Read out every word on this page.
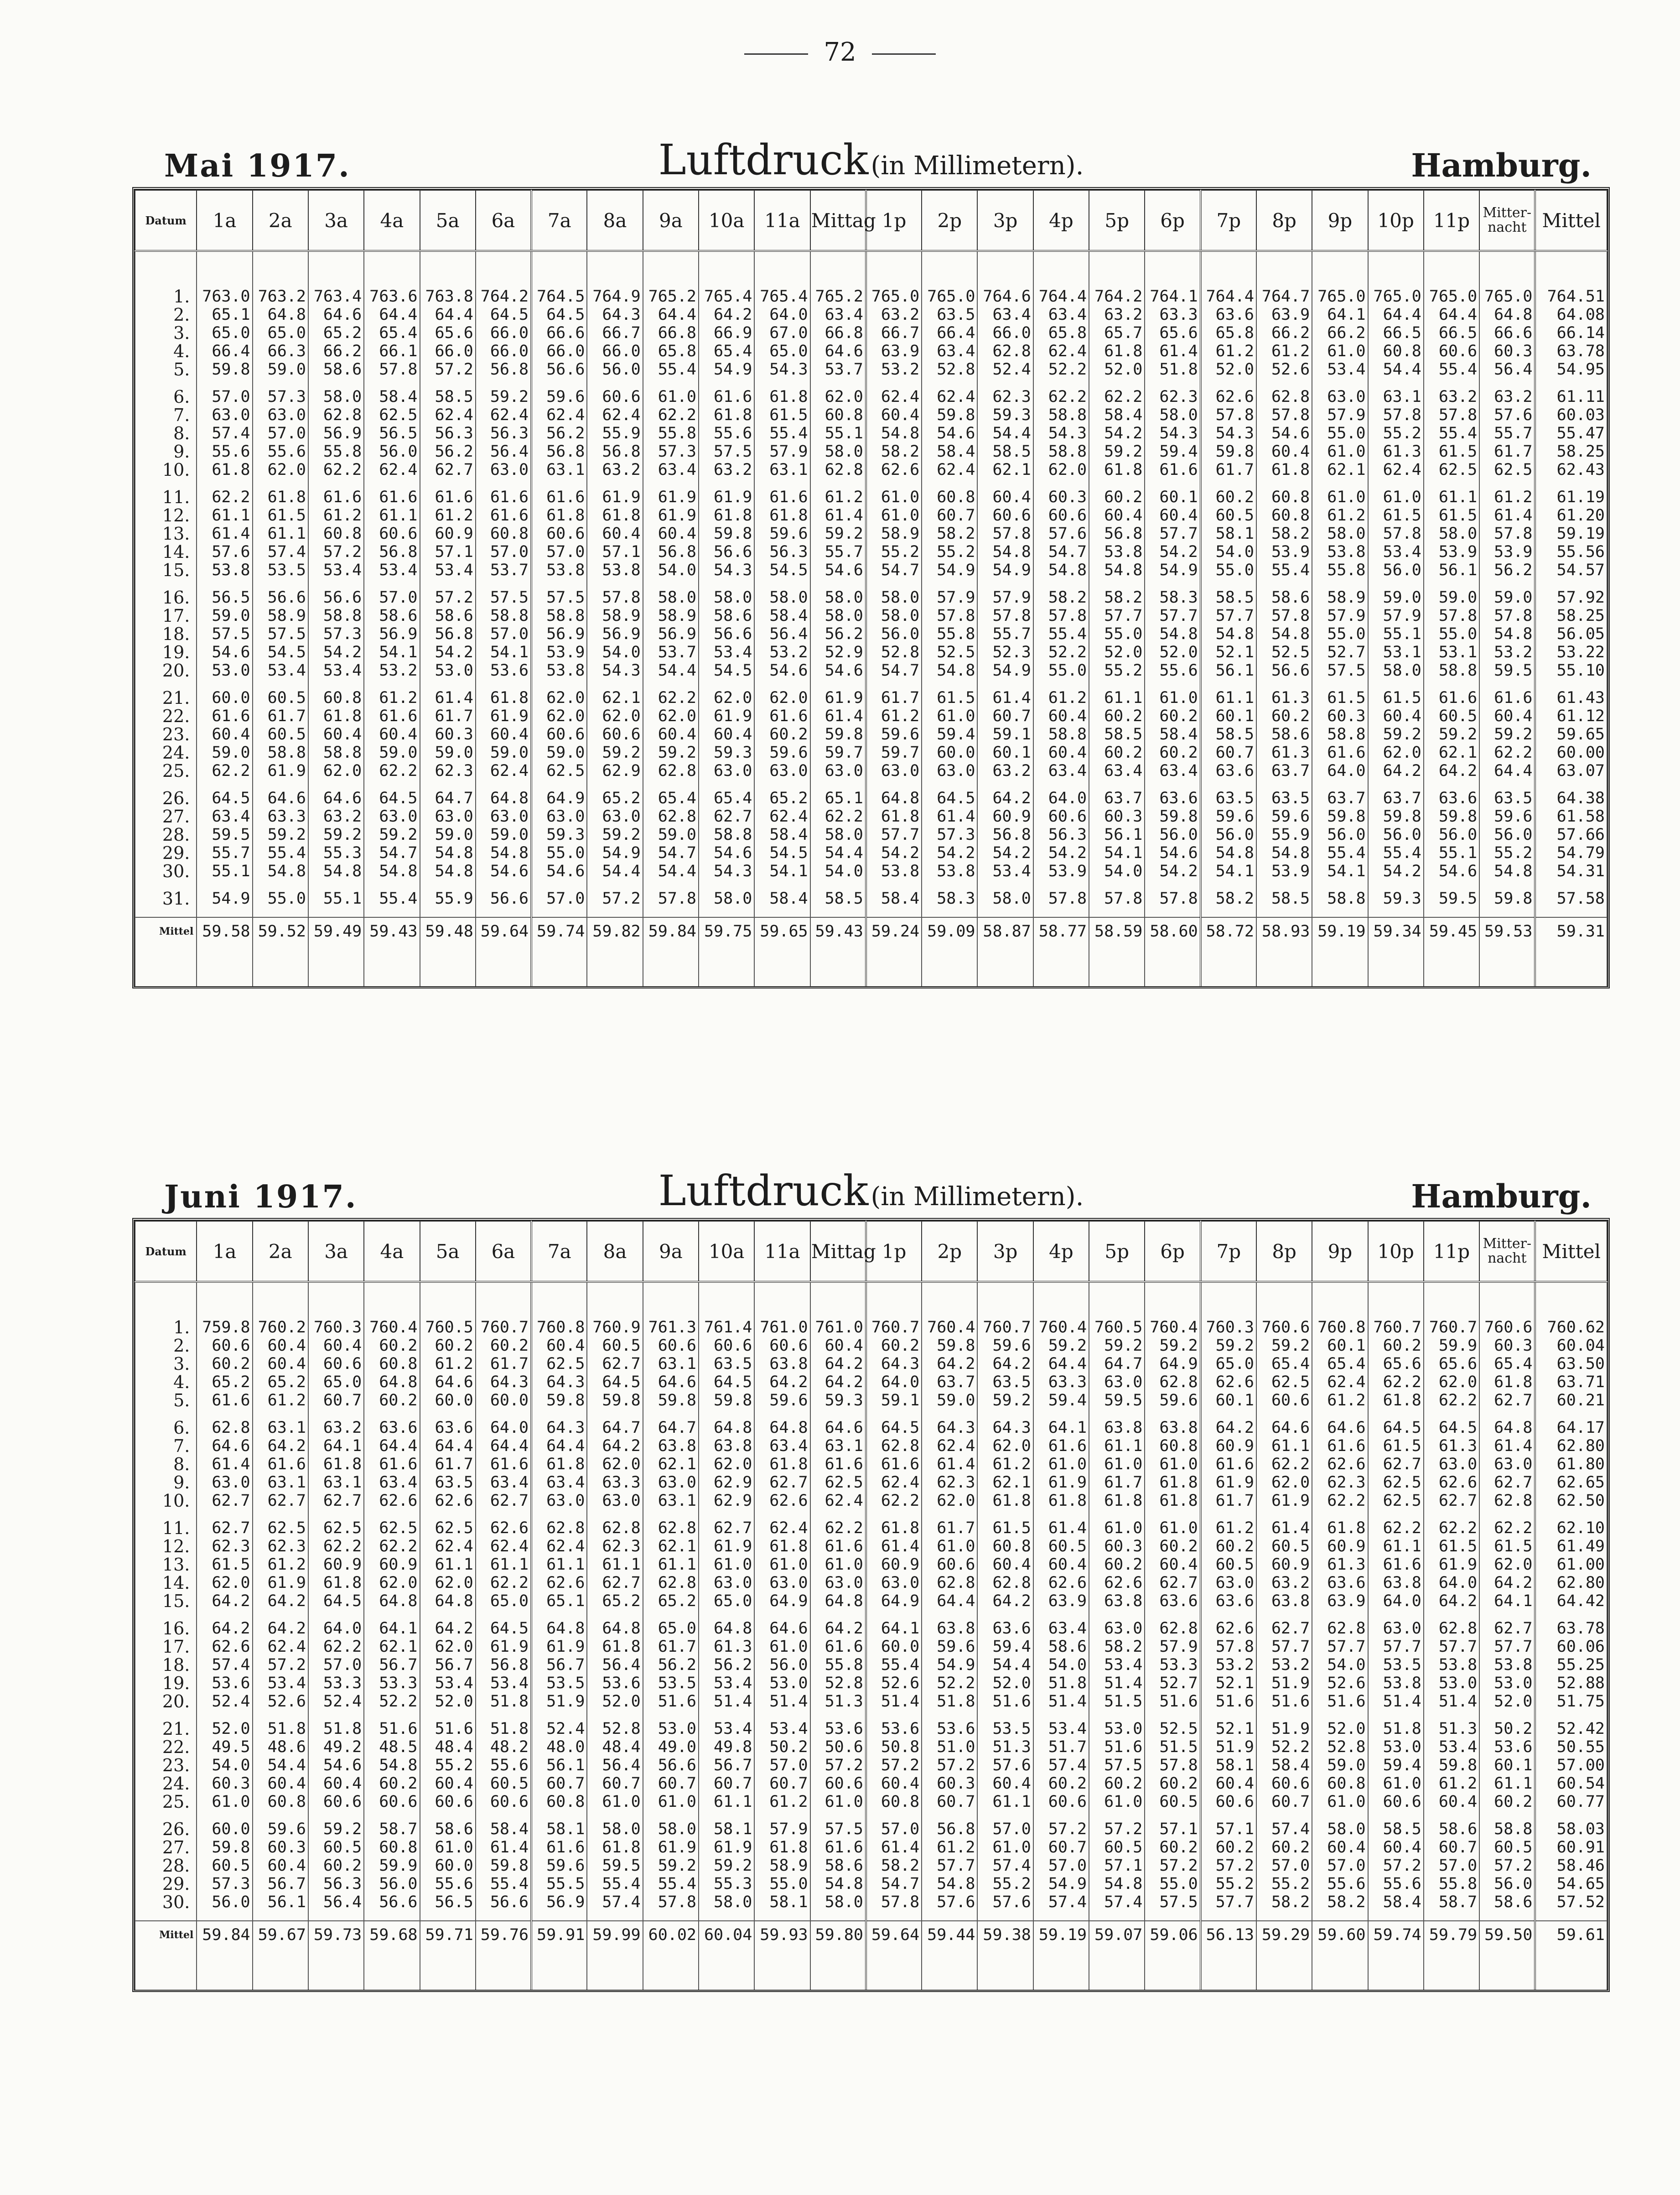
72
Mai 1917.	Luftdruck (in Millimetern).	Hamburg.
Datum	1a	2a	3a	4a	5a	6a	7a	8a	9a	10a	11a	Mittag	1p	2p	3p	4p	5p	6p	7p	8p	9p	10p	11p	Mitter-nacht	Mittel

1.	763.0	763.2	763.4	763.6	763.8	764.2	764.5	764.9	765.2	765.4	765.4	765.2	765.0	765.0	764.6	764.4	764.2	764.1	764.4	764.7	765.0	765.0	765.0	765.0	764.51
2.	65.1	64.8	64.6	64.4	64.4	64.5	64.5	64.3	64.4	64.2	64.0	63.4	63.2	63.5	63.4	63.4	63.2	63.3	63.6	63.9	64.1	64.4	64.4	64.8	64.08
3.	65.0	65.0	65.2	65.4	65.6	66.0	66.6	66.7	66.8	66.9	67.0	66.8	66.7	66.4	66.0	65.8	65.7	65.6	65.8	66.2	66.2	66.5	66.5	66.6	66.14
4.	66.4	66.3	66.2	66.1	66.0	66.0	66.0	66.0	65.8	65.4	65.0	64.6	63.9	63.4	62.8	62.4	61.8	61.4	61.2	61.2	61.0	60.8	60.6	60.3	63.78
5.	59.8	59.0	58.6	57.8	57.2	56.8	56.6	56.0	55.4	54.9	54.3	53.7	53.2	52.8	52.4	52.2	52.0	51.8	52.0	52.6	53.4	54.4	55.4	56.4	54.95

6.	57.0	57.3	58.0	58.4	58.5	59.2	59.6	60.6	61.0	61.6	61.8	62.0	62.4	62.4	62.3	62.2	62.2	62.3	62.6	62.8	63.0	63.1	63.2	63.2	61.11
7.	63.0	63.0	62.8	62.5	62.4	62.4	62.4	62.4	62.2	61.8	61.5	60.8	60.4	59.8	59.3	58.8	58.4	58.0	57.8	57.8	57.9	57.8	57.8	57.6	60.03
8.	57.4	57.0	56.9	56.5	56.3	56.3	56.2	55.9	55.8	55.6	55.4	55.1	54.8	54.6	54.4	54.3	54.2	54.3	54.3	54.6	55.0	55.2	55.4	55.7	55.47
9.	55.6	55.6	55.8	56.0	56.2	56.4	56.8	56.8	57.3	57.5	57.9	58.0	58.2	58.4	58.5	58.8	59.2	59.4	59.8	60.4	61.0	61.3	61.5	61.7	58.25
10.	61.8	62.0	62.2	62.4	62.7	63.0	63.1	63.2	63.4	63.2	63.1	62.8	62.6	62.4	62.1	62.0	61.8	61.6	61.7	61.8	62.1	62.4	62.5	62.5	62.43

11.	62.2	61.8	61.6	61.6	61.6	61.6	61.6	61.9	61.9	61.9	61.6	61.2	61.0	60.8	60.4	60.3	60.2	60.1	60.2	60.8	61.0	61.0	61.1	61.2	61.19
12.	61.1	61.5	61.2	61.1	61.2	61.6	61.8	61.8	61.9	61.8	61.8	61.4	61.0	60.7	60.6	60.6	60.4	60.4	60.5	60.8	61.2	61.5	61.5	61.4	61.20
13.	61.4	61.1	60.8	60.6	60.9	60.8	60.6	60.4	60.4	59.8	59.6	59.2	58.9	58.2	57.8	57.6	56.8	57.7	58.1	58.2	58.0	57.8	58.0	57.8	59.19
14.	57.6	57.4	57.2	56.8	57.1	57.0	57.0	57.1	56.8	56.6	56.3	55.7	55.2	55.2	54.8	54.7	53.8	54.2	54.0	53.9	53.8	53.4	53.9	53.9	55.56
15.	53.8	53.5	53.4	53.4	53.4	53.7	53.8	53.8	54.0	54.3	54.5	54.6	54.7	54.9	54.9	54.8	54.8	54.9	55.0	55.4	55.8	56.0	56.1	56.2	54.57

16.	56.5	56.6	56.6	57.0	57.2	57.5	57.5	57.8	58.0	58.0	58.0	58.0	58.0	57.9	57.9	58.2	58.2	58.3	58.5	58.6	58.9	59.0	59.0	59.0	57.92
17.	59.0	58.9	58.8	58.6	58.6	58.8	58.8	58.9	58.9	58.6	58.4	58.0	58.0	57.8	57.8	57.8	57.7	57.7	57.7	57.8	57.9	57.9	57.8	57.8	58.25
18.	57.5	57.5	57.3	56.9	56.8	57.0	56.9	56.9	56.9	56.6	56.4	56.2	56.0	55.8	55.7	55.4	55.0	54.8	54.8	54.8	55.0	55.1	55.0	54.8	56.05
19.	54.6	54.5	54.2	54.1	54.2	54.1	53.9	54.0	53.7	53.4	53.2	52.9	52.8	52.5	52.3	52.2	52.0	52.0	52.1	52.5	52.7	53.1	53.1	53.2	53.22
20.	53.0	53.4	53.4	53.2	53.0	53.6	53.8	54.3	54.4	54.5	54.6	54.6	54.7	54.8	54.9	55.0	55.2	55.6	56.1	56.6	57.5	58.0	58.8	59.5	55.10

21.	60.0	60.5	60.8	61.2	61.4	61.8	62.0	62.1	62.2	62.0	62.0	61.9	61.7	61.5	61.4	61.2	61.1	61.0	61.1	61.3	61.5	61.5	61.6	61.6	61.43
22.	61.6	61.7	61.8	61.6	61.7	61.9	62.0	62.0	62.0	61.9	61.6	61.4	61.2	61.0	60.7	60.4	60.2	60.2	60.1	60.2	60.3	60.4	60.5	60.4	61.12
23.	60.4	60.5	60.4	60.4	60.3	60.4	60.6	60.6	60.4	60.4	60.2	59.8	59.6	59.4	59.1	58.8	58.5	58.4	58.5	58.6	58.8	59.2	59.2	59.2	59.65
24.	59.0	58.8	58.8	59.0	59.0	59.0	59.0	59.2	59.2	59.3	59.6	59.7	59.7	60.0	60.1	60.4	60.2	60.2	60.7	61.3	61.6	62.0	62.1	62.2	60.00
25.	62.2	61.9	62.0	62.2	62.3	62.4	62.5	62.9	62.8	63.0	63.0	63.0	63.0	63.0	63.2	63.4	63.4	63.4	63.6	63.7	64.0	64.2	64.2	64.4	63.07

26.	64.5	64.6	64.6	64.5	64.7	64.8	64.9	65.2	65.4	65.4	65.2	65.1	64.8	64.5	64.2	64.0	63.7	63.6	63.5	63.5	63.7	63.7	63.6	63.5	64.38
27.	63.4	63.3	63.2	63.0	63.0	63.0	63.0	63.0	62.8	62.7	62.4	62.2	61.8	61.4	60.9	60.6	60.3	59.8	59.6	59.6	59.8	59.8	59.8	59.6	61.58
28.	59.5	59.2	59.2	59.2	59.0	59.0	59.3	59.2	59.0	58.8	58.4	58.0	57.7	57.3	56.8	56.3	56.1	56.0	56.0	55.9	56.0	56.0	56.0	56.0	57.66
29.	55.7	55.4	55.3	54.7	54.8	54.8	55.0	54.9	54.7	54.6	54.5	54.4	54.2	54.2	54.2	54.2	54.1	54.6	54.8	54.8	55.4	55.4	55.1	55.2	54.79
30.	55.1	54.8	54.8	54.8	54.8	54.6	54.6	54.4	54.4	54.3	54.1	54.0	53.8	53.8	53.4	53.9	54.0	54.2	54.1	53.9	54.1	54.2	54.6	54.8	54.31

31.	54.9	55.0	55.1	55.4	55.9	56.6	57.0	57.2	57.8	58.0	58.4	58.5	58.4	58.3	58.0	57.8	57.8	57.8	58.2	58.5	58.8	59.3	59.5	59.8	57.58

Mittel	59.58	59.52	59.49	59.43	59.48	59.64	59.74	59.82	59.84	59.75	59.65	59.43	59.24	59.09	58.87	58.77	58.59	58.60	58.72	58.93	59.19	59.34	59.45	59.53	59.31

Juni 1917.	Luftdruck (in Millimetern).	Hamburg.
Datum	1a	2a	3a	4a	5a	6a	7a	8a	9a	10a	11a	Mittag	1p	2p	3p	4p	5p	6p	7p	8p	9p	10p	11p	Mitter-nacht	Mittel

1.	759.8	760.2	760.3	760.4	760.5	760.7	760.8	760.9	761.3	761.4	761.0	761.0	760.7	760.4	760.7	760.4	760.5	760.4	760.3	760.6	760.8	760.7	760.7	760.6	760.62
2.	60.6	60.4	60.4	60.2	60.2	60.2	60.4	60.5	60.6	60.6	60.6	60.4	60.2	59.8	59.6	59.2	59.2	59.2	59.2	59.2	60.1	60.2	59.9	60.3	60.04
3.	60.2	60.4	60.6	60.8	61.2	61.7	62.5	62.7	63.1	63.5	63.8	64.2	64.3	64.2	64.2	64.4	64.7	64.9	65.0	65.4	65.4	65.6	65.6	65.4	63.50
4.	65.2	65.2	65.0	64.8	64.6	64.3	64.3	64.5	64.6	64.5	64.2	64.2	64.0	63.7	63.5	63.3	63.0	62.8	62.6	62.5	62.4	62.2	62.0	61.8	63.71
5.	61.6	61.2	60.7	60.2	60.0	60.0	59.8	59.8	59.8	59.8	59.6	59.3	59.1	59.0	59.2	59.4	59.5	59.6	60.1	60.6	61.2	61.8	62.2	62.7	60.21

6.	62.8	63.1	63.2	63.6	63.6	64.0	64.3	64.7	64.7	64.8	64.8	64.6	64.5	64.3	64.3	64.1	63.8	63.8	64.2	64.6	64.6	64.5	64.5	64.8	64.17
7.	64.6	64.2	64.1	64.4	64.4	64.4	64.4	64.2	63.8	63.8	63.4	63.1	62.8	62.4	62.0	61.6	61.1	60.8	60.9	61.1	61.6	61.5	61.3	61.4	62.80
8.	61.4	61.6	61.8	61.6	61.7	61.6	61.8	62.0	62.1	62.0	61.8	61.6	61.6	61.4	61.2	61.0	61.0	61.0	61.6	62.2	62.6	62.7	63.0	63.0	61.80
9.	63.0	63.1	63.1	63.4	63.5	63.4	63.4	63.3	63.0	62.9	62.7	62.5	62.4	62.3	62.1	61.9	61.7	61.8	61.9	62.0	62.3	62.5	62.6	62.7	62.65
10.	62.7	62.7	62.7	62.6	62.6	62.7	63.0	63.0	63.1	62.9	62.6	62.4	62.2	62.0	61.8	61.8	61.8	61.8	61.7	61.9	62.2	62.5	62.7	62.8	62.50

11.	62.7	62.5	62.5	62.5	62.5	62.6	62.8	62.8	62.8	62.7	62.4	62.2	61.8	61.7	61.5	61.4	61.0	61.0	61.2	61.4	61.8	62.2	62.2	62.2	62.10
12.	62.3	62.3	62.2	62.2	62.4	62.4	62.4	62.3	62.1	61.9	61.8	61.6	61.4	61.0	60.8	60.5	60.3	60.2	60.2	60.5	60.9	61.1	61.5	61.5	61.49
13.	61.5	61.2	60.9	60.9	61.1	61.1	61.1	61.1	61.1	61.0	61.0	61.0	60.9	60.6	60.4	60.4	60.2	60.4	60.5	60.9	61.3	61.6	61.9	62.0	61.00
14.	62.0	61.9	61.8	62.0	62.0	62.2	62.6	62.7	62.8	63.0	63.0	63.0	63.0	62.8	62.8	62.6	62.6	62.7	63.0	63.2	63.6	63.8	64.0	64.2	62.80
15.	64.2	64.2	64.5	64.8	64.8	65.0	65.1	65.2	65.2	65.0	64.9	64.8	64.9	64.4	64.2	63.9	63.8	63.6	63.6	63.8	63.9	64.0	64.2	64.1	64.42

16.	64.2	64.2	64.0	64.1	64.2	64.5	64.8	64.8	65.0	64.8	64.6	64.2	64.1	63.8	63.6	63.4	63.0	62.8	62.6	62.7	62.8	63.0	62.8	62.7	63.78
17.	62.6	62.4	62.2	62.1	62.0	61.9	61.9	61.8	61.7	61.3	61.0	61.6	60.0	59.6	59.4	58.6	58.2	57.9	57.8	57.7	57.7	57.7	57.7	57.7	60.06
18.	57.4	57.2	57.0	56.7	56.7	56.8	56.7	56.4	56.2	56.2	56.0	55.8	55.4	54.9	54.4	54.0	53.4	53.3	53.2	53.2	54.0	53.5	53.8	53.8	55.25
19.	53.6	53.4	53.3	53.3	53.4	53.4	53.5	53.6	53.5	53.4	53.0	52.8	52.6	52.2	52.0	51.8	51.4	52.7	52.1	51.9	52.6	53.8	53.0	53.0	52.88
20.	52.4	52.6	52.4	52.2	52.0	51.8	51.9	52.0	51.6	51.4	51.4	51.3	51.4	51.8	51.6	51.4	51.5	51.6	51.6	51.6	51.6	51.4	51.4	52.0	51.75

21.	52.0	51.8	51.8	51.6	51.6	51.8	52.4	52.8	53.0	53.4	53.4	53.6	53.6	53.6	53.5	53.4	53.0	52.5	52.1	51.9	52.0	51.8	51.3	50.2	52.42
22.	49.5	48.6	49.2	48.5	48.4	48.2	48.0	48.4	49.0	49.8	50.2	50.6	50.8	51.0	51.3	51.7	51.6	51.5	51.9	52.2	52.8	53.0	53.4	53.6	50.55
23.	54.0	54.4	54.6	54.8	55.2	55.6	56.1	56.4	56.6	56.7	57.0	57.2	57.2	57.2	57.6	57.4	57.5	57.8	58.1	58.4	59.0	59.4	59.8	60.1	57.00
24.	60.3	60.4	60.4	60.2	60.4	60.5	60.7	60.7	60.7	60.7	60.7	60.6	60.4	60.3	60.4	60.2	60.2	60.2	60.4	60.6	60.8	61.0	61.2	61.1	60.54
25.	61.0	60.8	60.6	60.6	60.6	60.6	60.8	61.0	61.0	61.1	61.2	61.0	60.8	60.7	61.1	60.6	61.0	60.5	60.6	60.7	61.0	60.6	60.4	60.2	60.77

26.	60.0	59.6	59.2	58.7	58.6	58.4	58.1	58.0	58.0	58.1	57.9	57.5	57.0	56.8	57.0	57.2	57.2	57.1	57.1	57.4	58.0	58.5	58.6	58.8	58.03
27.	59.8	60.3	60.5	60.8	61.0	61.4	61.6	61.8	61.9	61.9	61.8	61.6	61.4	61.2	61.0	60.7	60.5	60.2	60.2	60.2	60.4	60.4	60.7	60.5	60.91
28.	60.5	60.4	60.2	59.9	60.0	59.8	59.6	59.5	59.2	59.2	58.9	58.6	58.2	57.7	57.4	57.0	57.1	57.2	57.2	57.0	57.0	57.2	57.0	57.2	58.46
29.	57.3	56.7	56.3	56.0	55.6	55.4	55.5	55.4	55.4	55.3	55.0	54.8	54.7	54.8	55.2	54.9	54.8	55.0	55.2	55.2	55.6	55.6	55.8	56.0	54.65
30.	56.0	56.1	56.4	56.6	56.5	56.6	56.9	57.4	57.8	58.0	58.1	58.0	57.8	57.6	57.6	57.4	57.4	57.5	57.7	58.2	58.2	58.4	58.7	58.6	57.52

Mittel	59.84	59.67	59.73	59.68	59.71	59.76	59.91	59.99	60.02	60.04	59.93	59.80	59.64	59.44	59.38	59.19	59.07	59.06	56.13	59.29	59.60	59.74	59.79	59.50	59.61
